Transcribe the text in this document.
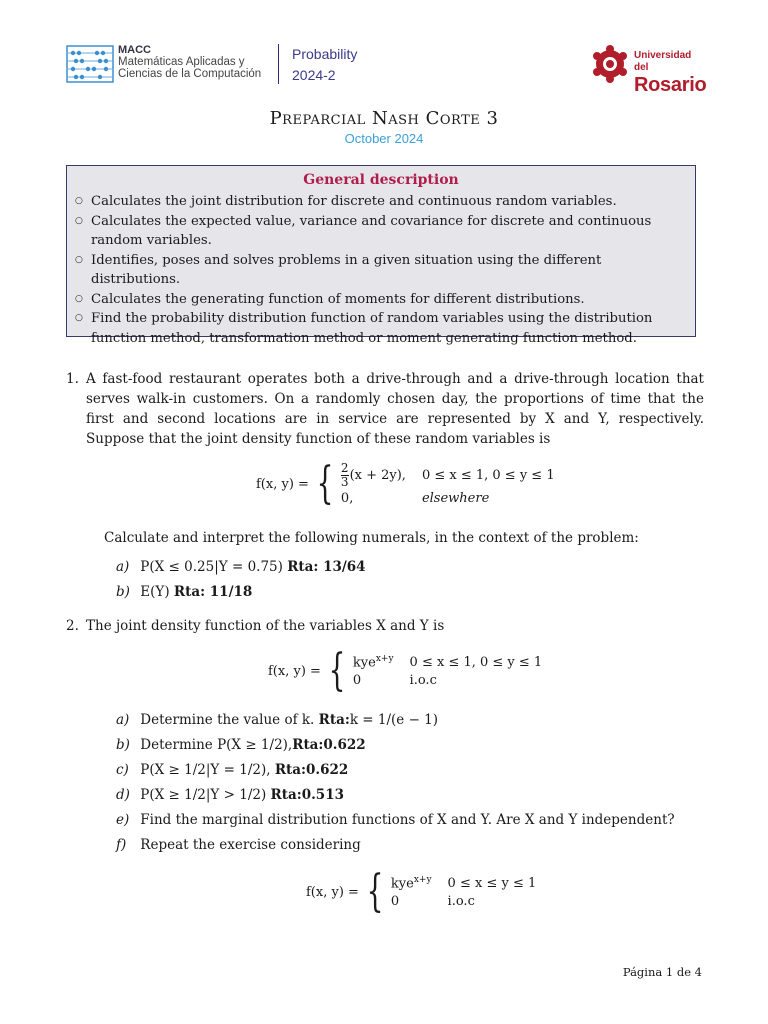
MACC
Matemáticas Aplicadas y
Ciencias de la Computación
Probability
2024-2
Universidad del
Rosario
Preparcial Nash Corte 3
October 2024
General description
○ Calculates the joint distribution for discrete and continuous random variables.
○ Calculates the expected value, variance and covariance for discrete and continuous random variables.
○ Identifies, poses and solves problems in a given situation using the different distributions.
○ Calculates the generating function of moments for different distributions.
○ Find the probability distribution function of random variables using the distribution function method, transformation method or moment generating function method.
1. A fast-food restaurant operates both a drive-through and a drive-through location that serves walk-in customers. On a randomly chosen day, the proportions of time that the first and second locations are in service are represented by X and Y, respectively. Suppose that the joint density function of these random variables is
f(x, y) = { $\frac{2}{3} (x + 2y)$, 0 ≤ x ≤ 1, 0 ≤ y ≤ 1
0,	elsewhere
Calculate and interpret the following numerals, in the context of the problem:
a) P(X ≤ 0.25|Y = 0.75) Rta: 13/64
b) E(Y) Rta: 11/18
2. The joint density function of the variables X and Y is
f(x, y) = { kye$^{x+y}$ 0 ≤ x ≤ 1, 0 ≤ y ≤ 1
0	i.o.c
a) Determine the value of k. Rta:k = 1/(e − 1)
b) Determine P(X ≥ 1/2),Rta:0.622
c) P(X ≥ 1/2|Y = 1/2), Rta:0.622
d) P(X ≥ 1/2|Y > 1/2) Rta:0.513
e) Find the marginal distribution functions of X and Y. Are X and Y independent?
f) Repeat the exercise considering
f(x, y) = { kye$^{x+y}$ 0 ≤ x ≤ y ≤ 1
0	i.o.c
Página 1 de 4
